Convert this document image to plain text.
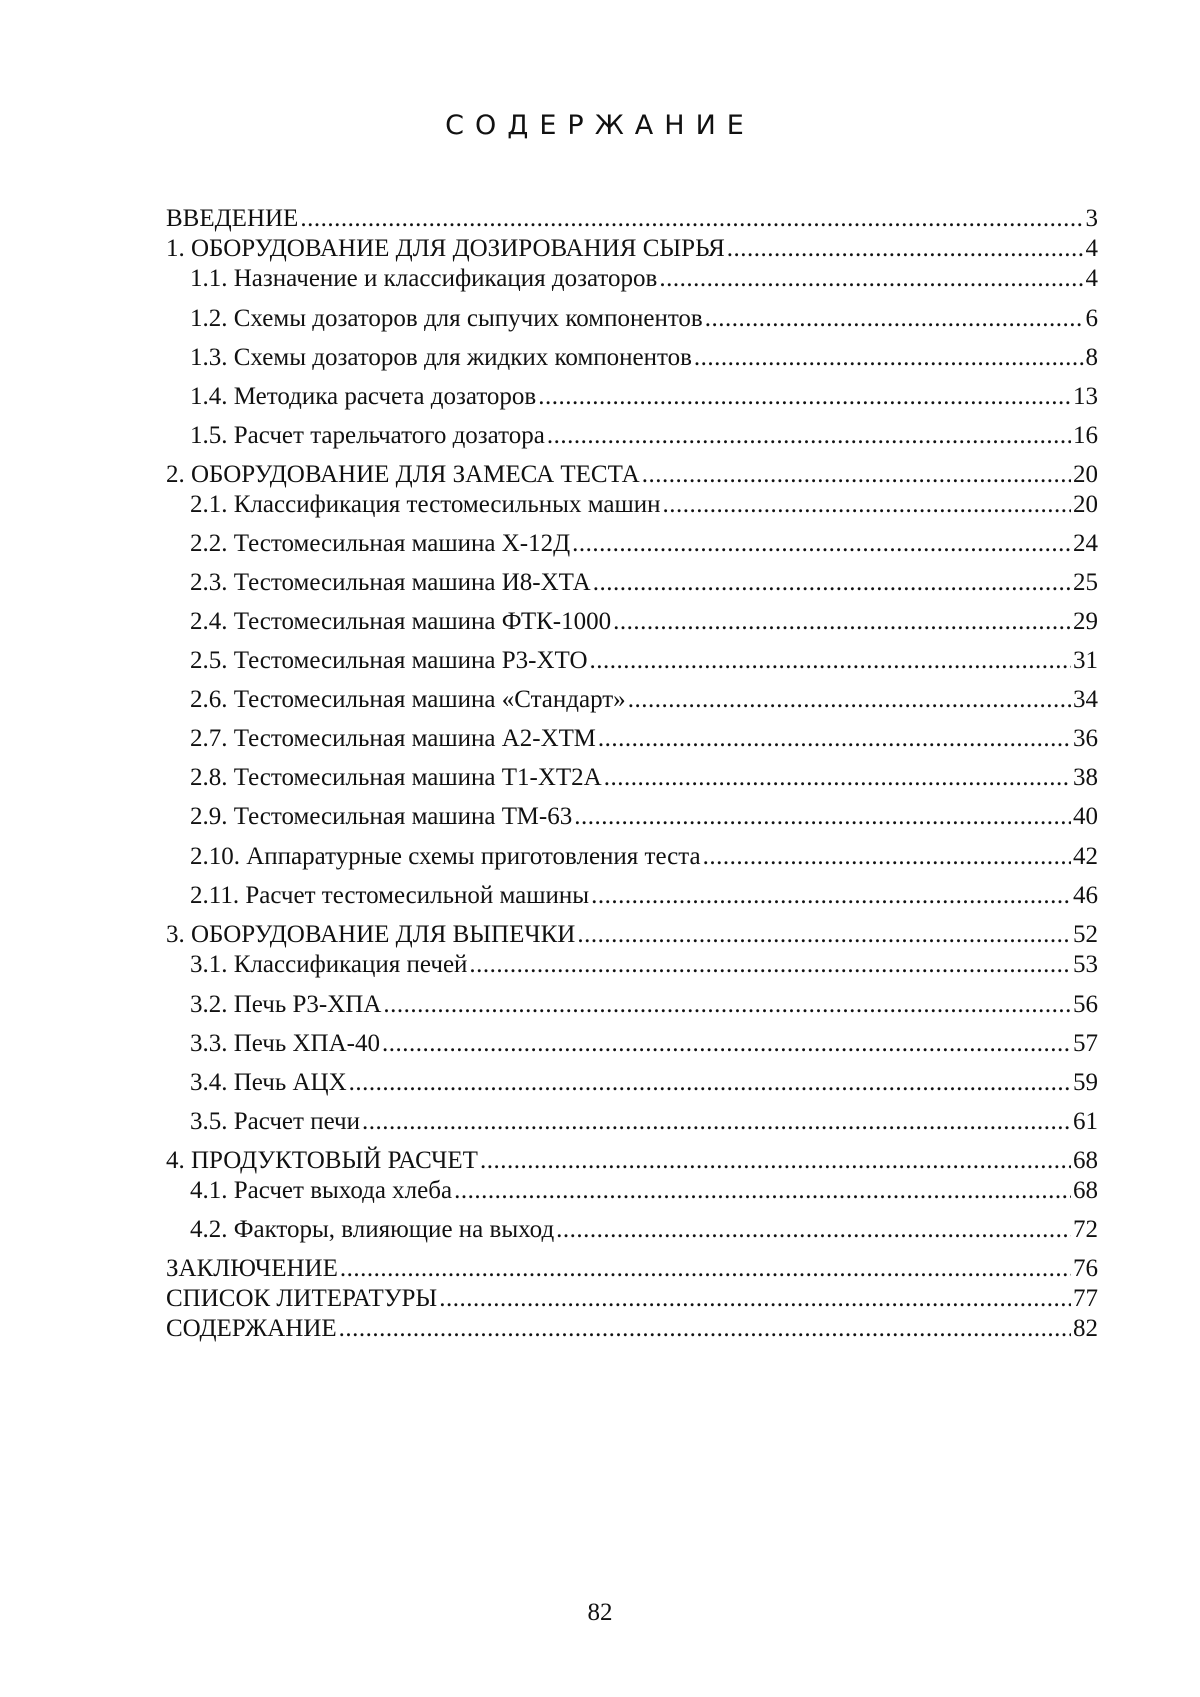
СОДЕРЖАНИЕ
ВВЕДЕНИЕ .....	3
1. ОБОРУДОВАНИЕ ДЛЯ ДОЗИРОВАНИЯ СЫРЬЯ .....	4
1.1. Назначение и классификация дозаторов .....	4
1.2. Схемы дозаторов для сыпучих компонентов .....	6
1.3. Схемы дозаторов для жидких компонентов .....	8
1.4. Методика расчета дозаторов .....	13
1.5. Расчет тарельчатого дозатора .....	16
2. ОБОРУДОВАНИЕ ДЛЯ ЗАМЕСА ТЕСТА .....	20
2.1. Классификация тестомесильных машин .....	20
2.2. Тестомесильная машина Х-12Д .....	24
2.3. Тестомесильная машина И8-ХТА .....	25
2.4. Тестомесильная машина ФТК-1000 .....	29
2.5. Тестомесильная машина Р3-ХТО .....	31
2.6. Тестомесильная машина «Стандарт» .....	34
2.7. Тестомесильная машина А2-ХТМ .....	36
2.8. Тестомесильная машина Т1-ХТ2А .....	38
2.9. Тестомесильная машина ТМ-63 .....	40
2.10. Аппаратурные схемы приготовления теста .....	42
2.11. Расчет тестомесильной машины .....	46
3. ОБОРУДОВАНИЕ ДЛЯ ВЫПЕЧКИ .....	52
3.1. Классификация печей .....	53
3.2. Печь Р3-ХПА .....	56
3.3. Печь ХПА-40 .....	57
3.4. Печь АЦХ .....	59
3.5. Расчет печи .....	61
4. ПРОДУКТОВЫЙ РАСЧЕТ .....	68
4.1. Расчет выхода хлеба .....	68
4.2. Факторы, влияющие на выход .....	72
ЗАКЛЮЧЕНИЕ .....	76
СПИСОК ЛИТЕРАТУРЫ .....	77
СОДЕРЖАНИЕ .....	82
82
